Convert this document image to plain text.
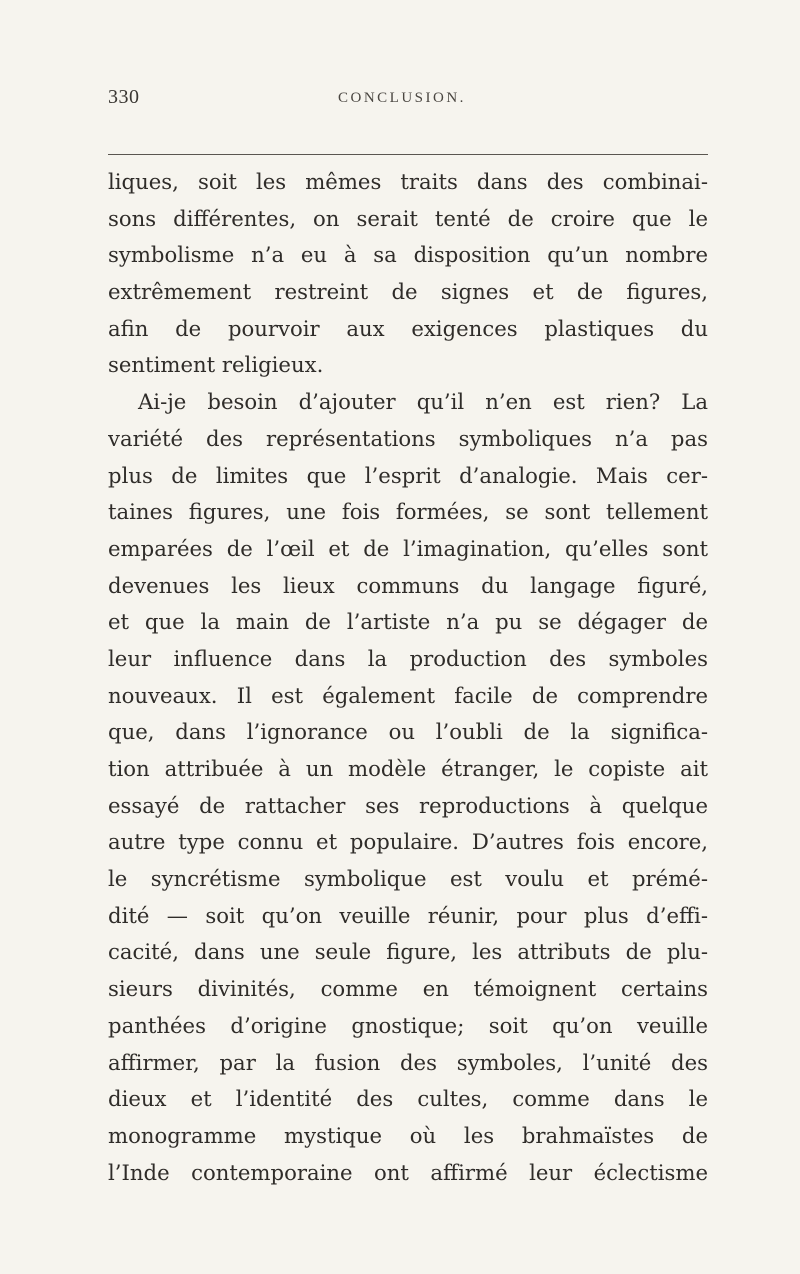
330	CONCLUSION.
liques, soit les mêmes traits dans des combinai-
sons différentes, on serait tenté de croire que le
symbolisme n’a eu à sa disposition qu’un nombre
extrêmement restreint de signes et de figures,
afin de pourvoir aux exigences plastiques du
sentiment religieux.
Ai-je besoin d’ajouter qu’il n’en est rien? La
variété des représentations symboliques n’a pas
plus de limites que l’esprit d’analogie. Mais cer-
taines figures, une fois formées, se sont tellement
emparées de l’œil et de l’imagination, qu’elles sont
devenues les lieux communs du langage figuré,
et que la main de l’artiste n’a pu se dégager de
leur influence dans la production des symboles
nouveaux. Il est également facile de comprendre
que, dans l’ignorance ou l’oubli de la significa-
tion attribuée à un modèle étranger, le copiste ait
essayé de rattacher ses reproductions à quelque
autre type connu et populaire. D’autres fois encore,
le syncrétisme symbolique est voulu et prémé-
dité — soit qu’on veuille réunir, pour plus d’effi-
cacité, dans une seule figure, les attributs de plu-
sieurs divinités, comme en témoignent certains
panthées d’origine gnostique; soit qu’on veuille
affirmer, par la fusion des symboles, l’unité des
dieux et l’identité des cultes, comme dans le
monogramme mystique où les brahmaïstes de
l’Inde contemporaine ont affirmé leur éclectisme
